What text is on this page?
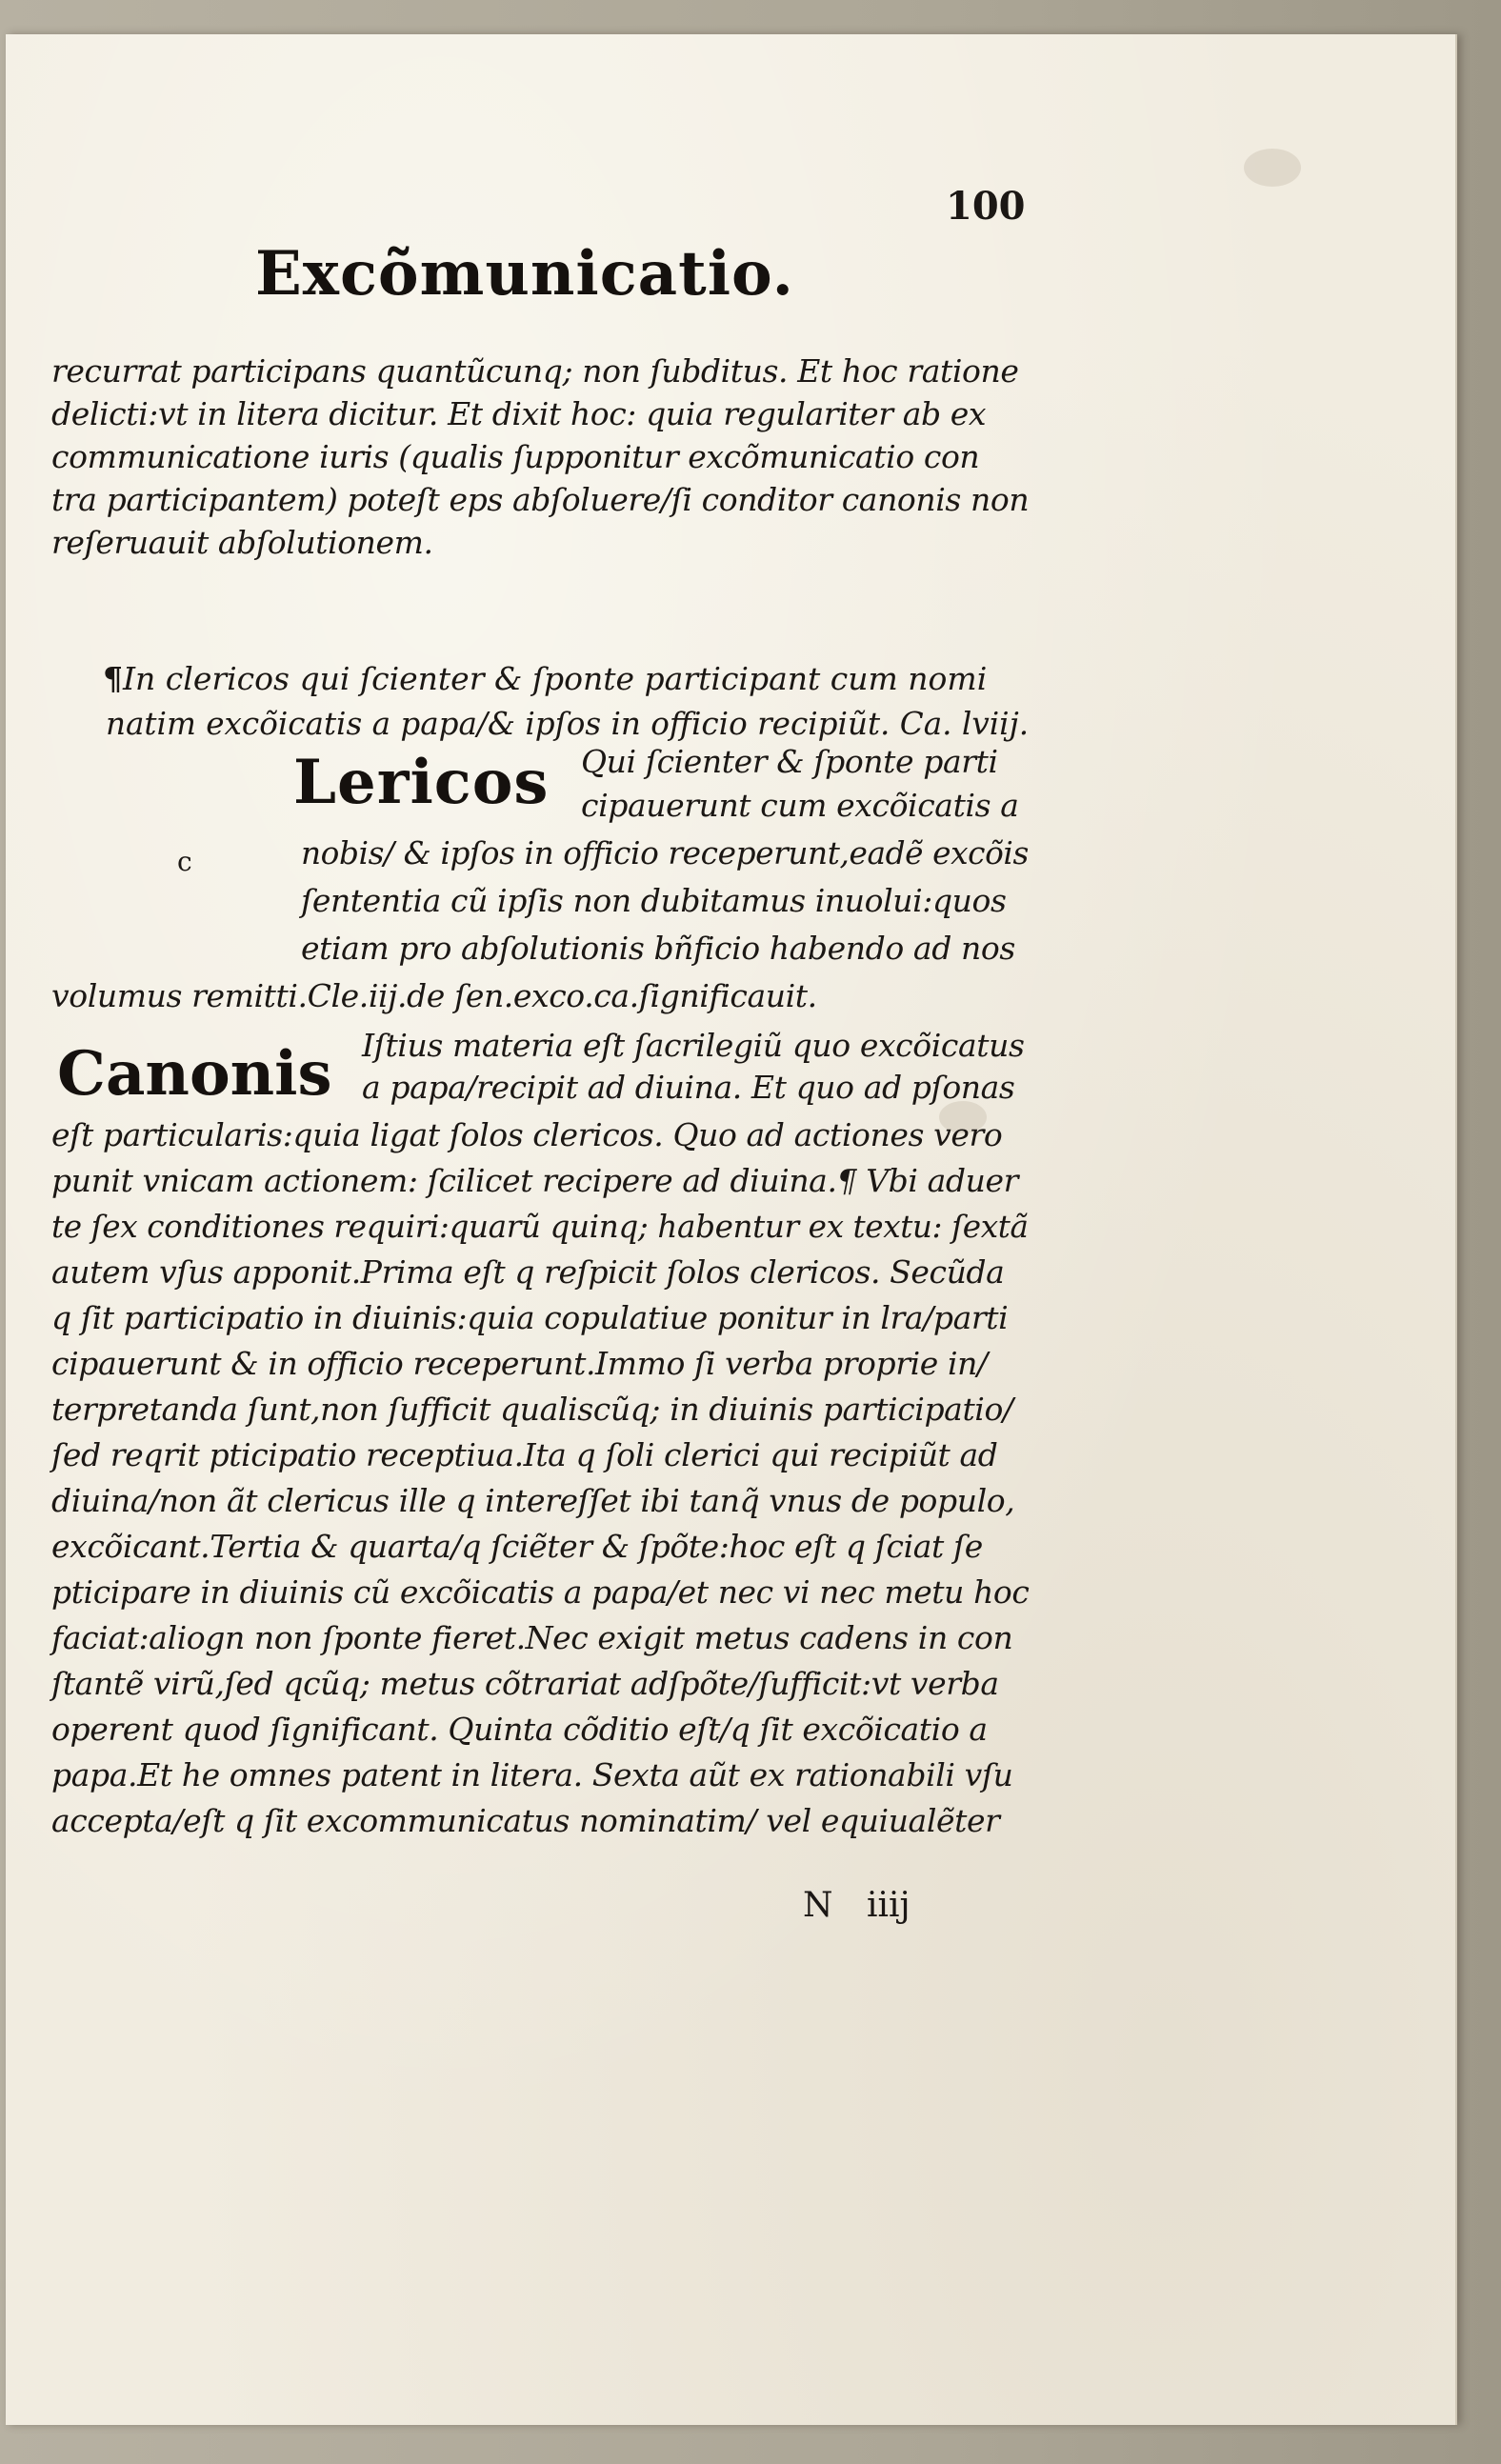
100
Excõmunicatio.
recurrat participans quantũcunq; non ſubditus. Et hoc ratione
delicti:vt in litera dicitur. Et dixit hoc: quia regulariter ab ex
communicatione iuris (qualis ſupponitur excõmunicatio con
tra participantem) poteſt eps abſoluere/ſi conditor canonis non
reſeruauit abſolutionem.
¶In clericos qui ſcienter & ſponte participant cum nomi
natim excõicatis a papa/& ipſos in officio recipiũt. Ca. lviij.
Lericos
c
Qui ſcienter & ſponte parti
cipauerunt cum excõicatis a
nobis/ & ipſos in officio receperunt,eadẽ excõis
ſententia cũ ipſis non dubitamus inuolui:quos
etiam pro abſolutionis bñficio habendo ad nos
volumus remitti.Cle.iij.de ſen.exco.ca.ſignificauit.
Canonis Iſtius materia eſt ſacrilegiũ quo excõicatus
a papa/recipit ad diuina. Et quo ad pſonas
eſt particularis:quia ligat ſolos clericos. Quo ad actiones vero
punit vnicam actionem: ſcilicet recipere ad diuina.¶ Vbi aduer
te ſex conditiones requiri:quarũ quinq; habentur ex textu: ſextã
autem vſus apponit.Prima eſt q reſpicit ſolos clericos. Secũda
q ſit participatio in diuinis:quia copulatiue ponitur in lra/parti
cipauerunt & in officio receperunt.Immo ſi verba proprie in/
terpretanda ſunt,non ſufficit qualiscũq; in diuinis participatio/
ſed reqrit pticipatio receptiua.Ita q ſoli clerici qui recipiũt ad
diuina/non ãt clericus ille q intereſſet ibi tanq̃ vnus de populo,
excõicant.Tertia & quarta/q ſciẽter & ſpõte:hoc eſt q ſciat ſe
pticipare in diuinis cũ excõicatis a papa/et nec vi nec metu hoc
faciat:aliogn non ſponte fieret.Nec exigit metus cadens in con
ſtantẽ virũ,ſed qcũq; metus cõtrariat adſpõte/ſufficit:vt verba
operent quod ſignificant. Quinta cõditio eſt/q ſit excõicatio a
papa.Et he omnes patent in litera. Sexta aũt ex rationabili vſu
accepta/eſt q ſit excommunicatus nominatim/ vel equiualẽter
N iiij
